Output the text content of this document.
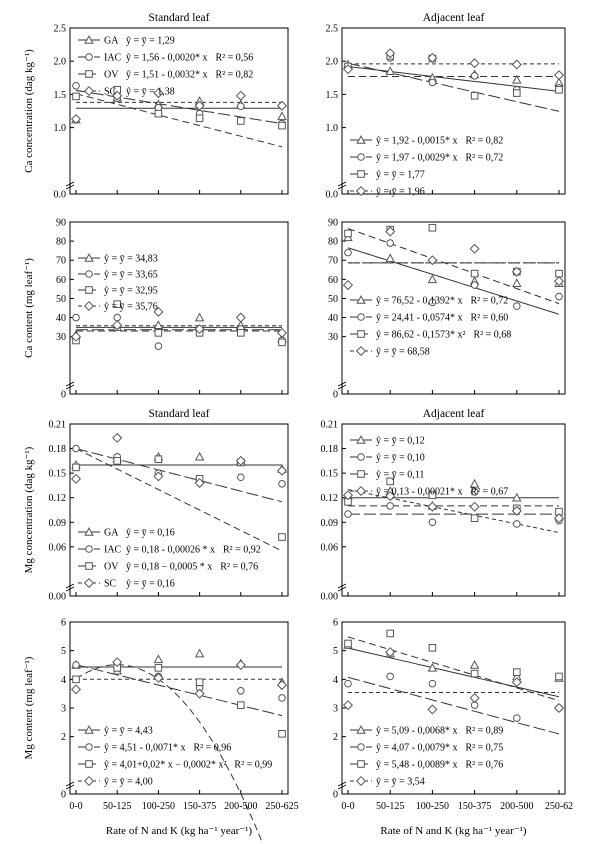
0.0
1.0
1.5
2.0
2.5
Standard leaf
Ca concentration (dag kg⁻¹)
GA ŷ = ȳ = 1,29
IAC ŷ = 1,56 - 0,0020* x R² = 0,56
OV ŷ = 1,51 - 0,0032* x R² = 0,82
SC ŷ = ȳ = 1,38
0.0
1.0
1.5
2.0
2.5
Adjacent leaf
ŷ = 1,92 - 0,0015* x R² = 0,82
ŷ = 1,97 - 0,0029* x R² = 0,72
ŷ = ȳ = 1,77
ŷ = ȳ = 1,96
0
30
40
50
60
70
80
90
Ca content (mg leaf⁻¹)	ŷ = ȳ = 34,83
ŷ = ȳ = 33,65
ŷ = ȳ = 32,95
ŷ = ȳ = 35,76
0
30
40
50
60
70
80
90
ŷ = 76,52 - 0,1392* x R² = 0,72
ŷ = 24,41 - 0,0574* x R² = 0,60
ŷ = 86,62 - 0,1573* x² R² = 0,68
ŷ = ȳ = 68,58
0.00
0.06
0.09
0.12
0.15
0.18
0.21
Standard leaf
Mg concentration (dag kg⁻¹)	GA ŷ = ȳ = 0,16
IAC ŷ = 0,18 - 0,00026 * x R² = 0,92
OV ŷ = 0,18 − 0,0005 * x R² = 0,76
SC ŷ = ȳ = 0,16
0.00
0.06
0.09
0.12
0.15
0.18
0.21
Adjacent leaf
ŷ = ȳ = 0,12
ŷ = ȳ = 0,10
ŷ = ȳ = 0,11
ŷ = 0,13 - 0,00021* x R² = 0,67
0
2
3
4
5
6
Mg content (mg leaf⁻¹)	ŷ = ȳ = 4,43
ŷ = 4,51 - 0,0071* x R² = 0,96
ŷ = 4,01+0,02* x − 0,0002* x² R² = 0,99
ŷ = ȳ = 4,00
0-0 50-125 100-250 150-375 200-500 250-625
0
2
3
4
5
6
ŷ = 5,09 - 0,0068* x R² = 0,89
ŷ = 4,07 - 0,0079* x R² = 0,75
ŷ = 5,48 - 0,0089* x R² = 0,76
ŷ = ȳ = 3,54
0-0 50-125 100-250 150-375 200-500 250-62
Rate of N and K (kg ha⁻¹ year⁻¹)	Rate of N and K (kg ha⁻¹ year⁻¹)
